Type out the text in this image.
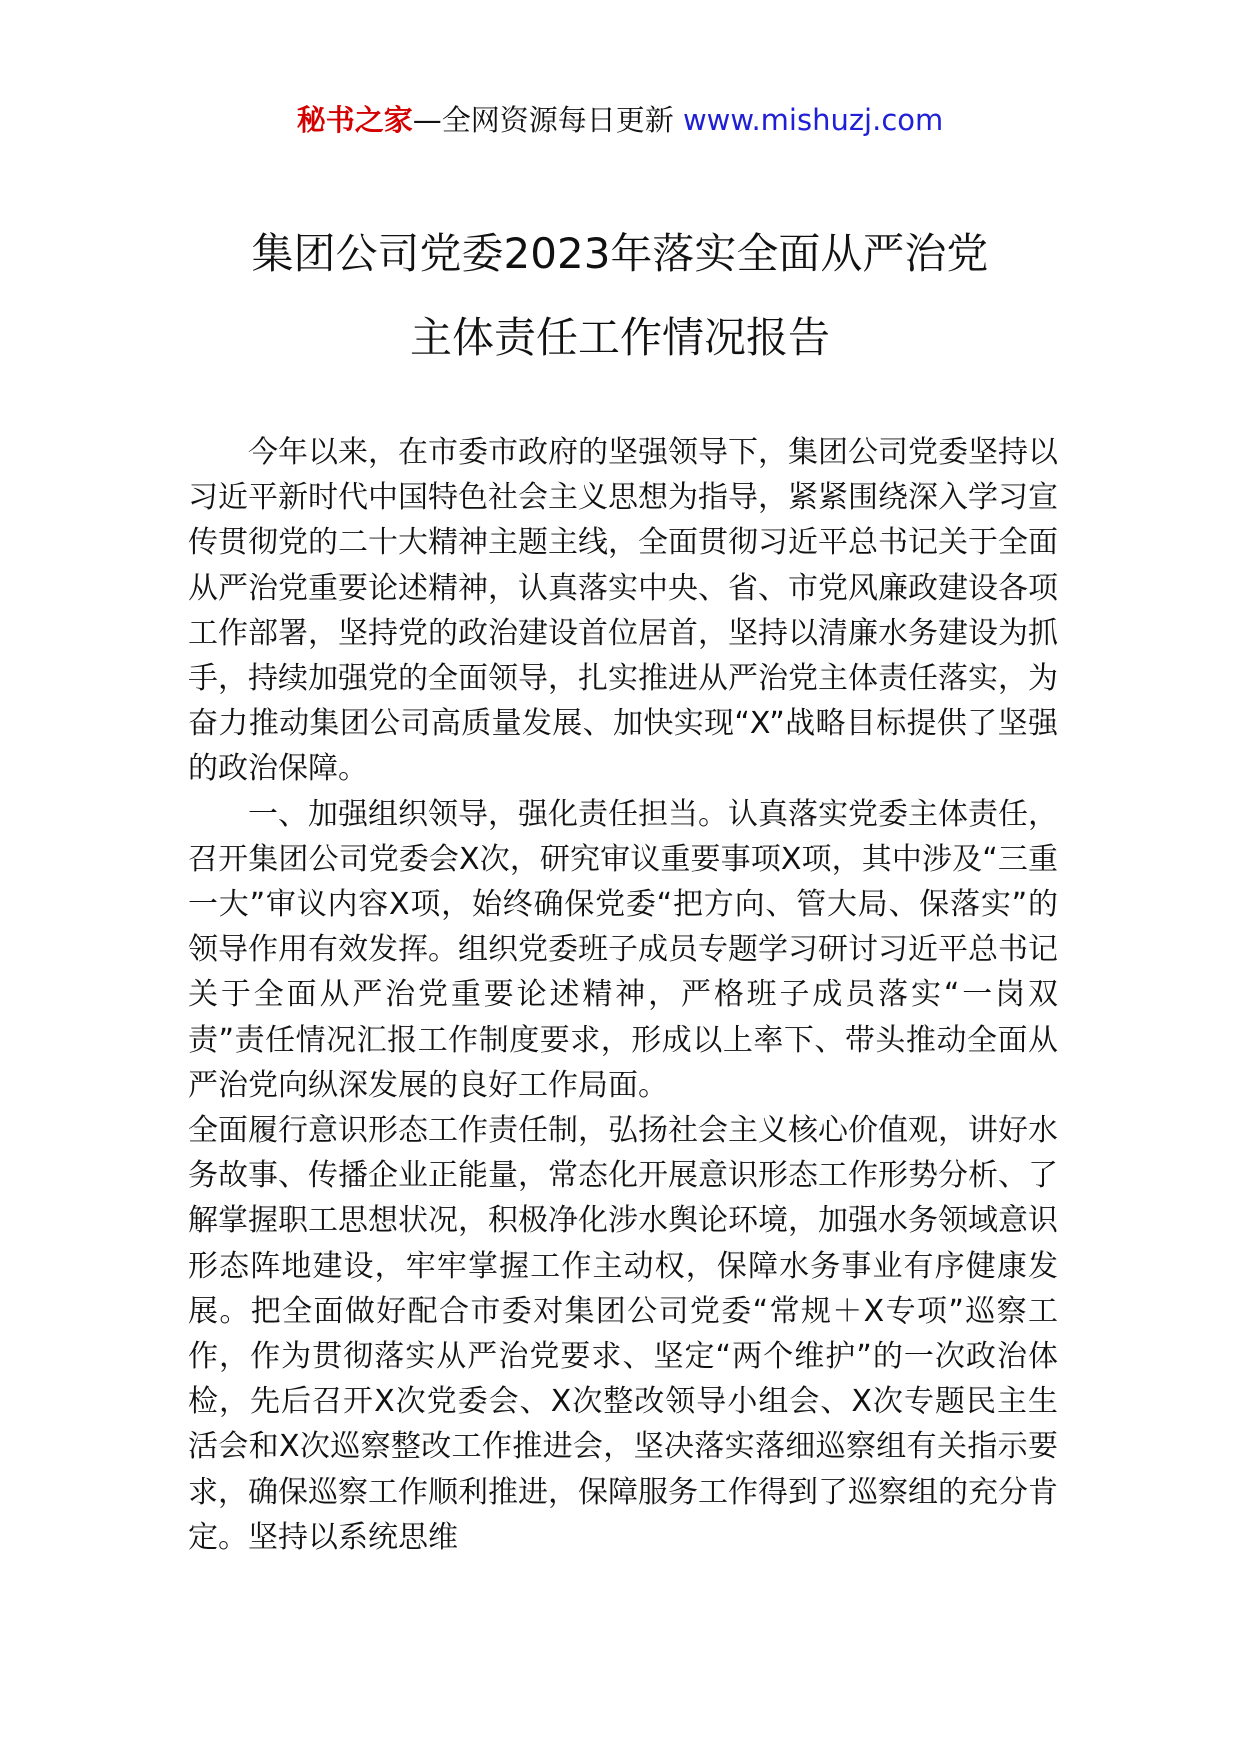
秘书之家—全网资源每日更新 www.mishuzj.com
集团公司党委2023年落实全面从严治党
主体责任工作情况报告

今年以来，在市委市政府的坚强领导下，集团公司党委坚持以习近平新时代中国特色社会主义思想为指导，紧紧围绕深入学习宣传贯彻党的二十大精神主题主线，全面贯彻习近平总书记关于全面从严治党重要论述精神，认真落实中央、省、市党风廉政建设各项工作部署，坚持党的政治建设首位居首，坚持以清廉水务建设为抓手，持续加强党的全面领导，扎实推进从严治党主体责任落实，为奋力推动集团公司高质量发展、加快实现“X”战略目标提供了坚强的政治保障。

一、加强组织领导，强化责任担当。认真落实党委主体责任，召开集团公司党委会X次，研究审议重要事项X项，其中涉及“三重一大”审议内容X项，始终确保党委“把方向、管大局、保落实”的领导作用有效发挥。组织党委班子成员专题学习研讨习近平总书记关于全面从严治党重要论述精神，严格班子成员落实“一岗双责”责任情况汇报工作制度要求，形成以上率下、带头推动全面从严治党向纵深发展的良好工作局面。

全面履行意识形态工作责任制，弘扬社会主义核心价值观，讲好水务故事、传播企业正能量，常态化开展意识形态工作形势分析、了解掌握职工思想状况，积极净化涉水舆论环境，加强水务领域意识形态阵地建设，牢牢掌握工作主动权，保障水务事业有序健康发展。把全面做好配合市委对集团公司党委“常规＋X专项”巡察工作，作为贯彻落实从严治党要求、坚定“两个维护”的一次政治体检，先后召开X次党委会、X次整改领导小组会、X次专题民主生活会和X次巡察整改工作推进会，坚决落实落细巡察组有关指示要求，确保巡察工作顺利推进，保障服务工作得到了巡察组的充分肯定。坚持以系统思维
